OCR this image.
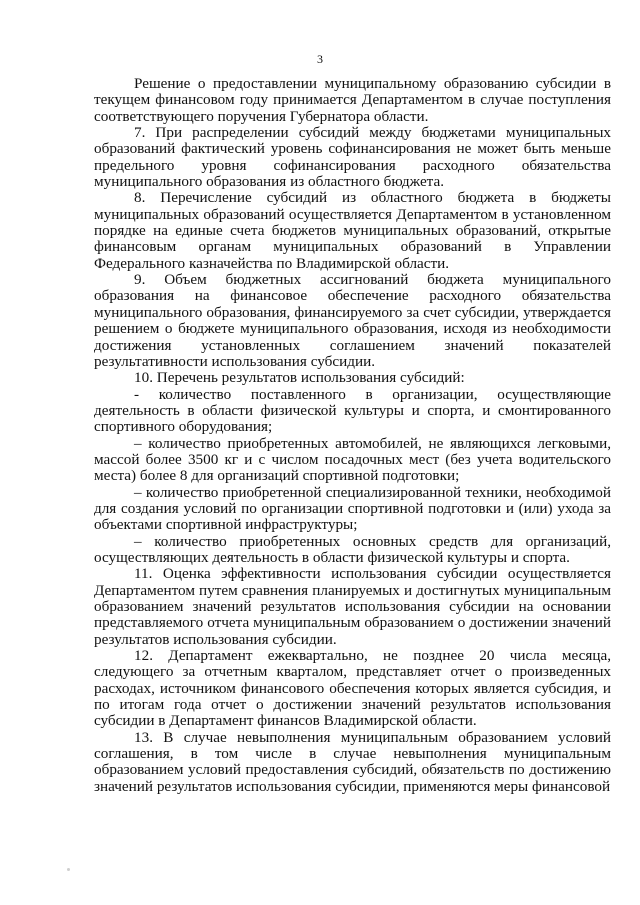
3

Решение о предоставлении муниципальному образованию субсидии в текущем финансовом году принимается Департаментом в случае поступления соответствующего поручения Губернатора области.

7. При распределении субсидий между бюджетами муниципальных образований фактический уровень софинансирования не может быть меньше предельного уровня софинансирования расходного обязательства муниципального образования из областного бюджета.

8. Перечисление субсидий из областного бюджета в бюджеты муниципальных образований осуществляется Департаментом в установленном порядке на единые счета бюджетов муниципальных образований, открытые финансовым органам муниципальных образований в Управлении Федерального казначейства по Владимирской области.

9. Объем бюджетных ассигнований бюджета муниципального образования на финансовое обеспечение расходного обязательства муниципального образования, финансируемого за счет субсидии, утверждается решением о бюджете муниципального образования, исходя из необходимости достижения установленных соглашением значений показателей результативности использования субсидии.

10. Перечень результатов использования субсидий:

- количество поставленного в организации, осуществляющие деятельность в области физической культуры и спорта, и смонтированного спортивного оборудования;

– количество приобретенных автомобилей, не являющихся легковыми, массой более 3500 кг и с числом посадочных мест (без учета водительского места) более 8 для организаций спортивной подготовки;

– количество приобретенной специализированной техники, необходимой для создания условий по организации спортивной подготовки и (или) ухода за объектами спортивной инфраструктуры;

– количество приобретенных основных средств для организаций, осуществляющих деятельность в области физической культуры и спорта.

11. Оценка эффективности использования субсидии осуществляется Департаментом путем сравнения планируемых и достигнутых муниципальным образованием значений результатов использования субсидии на основании представляемого отчета муниципальным образованием о достижении значений результатов использования субсидии.

12. Департамент ежеквартально, не позднее 20 числа месяца, следующего за отчетным кварталом, представляет отчет о произведенных расходах, источником финансового обеспечения которых является субсидия, и по итогам года отчет о достижении значений результатов использования субсидии в Департамент финансов Владимирской области.

13. В случае невыполнения муниципальным образованием условий соглашения, в том числе в случае невыполнения муниципальным образованием условий предоставления субсидий, обязательств по достижению значений результатов использования субсидии, применяются меры финансовой
